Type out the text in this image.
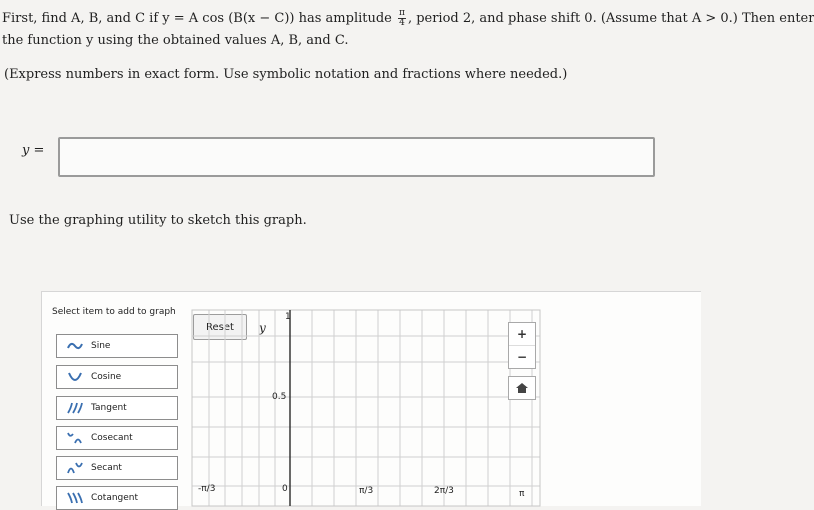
First, find A, B, and C if y = A cos (B(x − C)) has amplitude $\frac{\pi}{4}$ , period 2, and phase shift 0. (Assume that A > 0.) Then enter
the function y using the obtained values A, B, and C.
(Express numbers in exact form. Use symbolic notation and fractions where needed.)
y =
Use the graphing utility to sketch this graph.
Select item to add to graph
Sine
Cosine
Tangent
Cosecant
Secant
Cotangent
Reset	y
1
0.5
-π/3	0	π/3	2π/3	π
+
−
